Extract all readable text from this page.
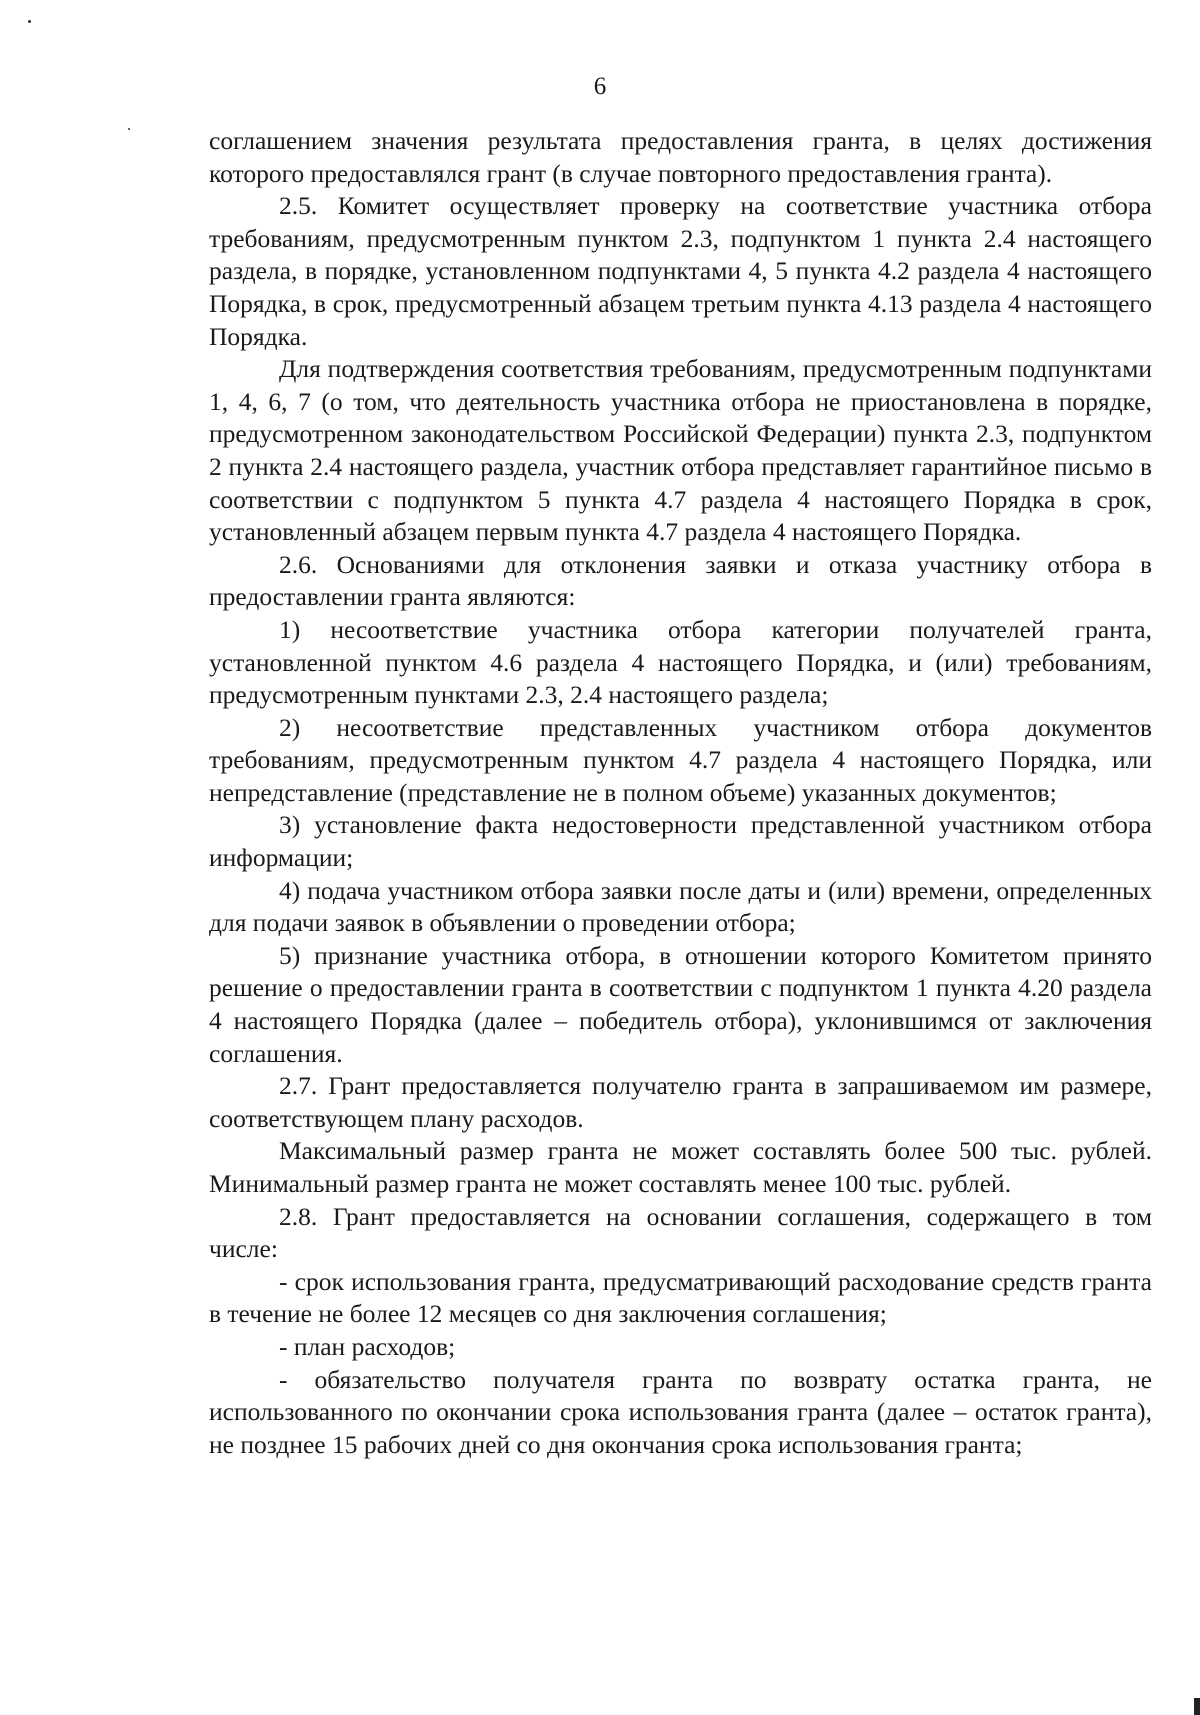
6

соглашением значения результата предоставления гранта, в целях достижения которого предоставлялся грант (в случае повторного предоставления гранта).

2.5. Комитет осуществляет проверку на соответствие участника отбора требованиям, предусмотренным пунктом 2.3, подпунктом 1 пункта 2.4 настоящего раздела, в порядке, установленном подпунктами 4, 5 пункта 4.2 раздела 4 настоящего Порядка, в срок, предусмотренный абзацем третьим пункта 4.13 раздела 4 настоящего Порядка.

Для подтверждения соответствия требованиям, предусмотренным подпунктами 1, 4, 6, 7 (о том, что деятельность участника отбора не приостановлена в порядке, предусмотренном законодательством Российской Федерации) пункта 2.3, подпунктом 2 пункта 2.4 настоящего раздела, участник отбора представляет гарантийное письмо в соответствии с подпунктом 5 пункта 4.7 раздела 4 настоящего Порядка в срок, установленный абзацем первым пункта 4.7 раздела 4 настоящего Порядка.

2.6. Основаниями для отклонения заявки и отказа участнику отбора в предоставлении гранта являются:

1) несоответствие участника отбора категории получателей гранта, установленной пунктом 4.6 раздела 4 настоящего Порядка, и (или) требованиям, предусмотренным пунктами 2.3, 2.4 настоящего раздела;

2) несоответствие представленных участником отбора документов требованиям, предусмотренным пунктом 4.7 раздела 4 настоящего Порядка, или непредставление (представление не в полном объеме) указанных документов;

3) установление факта недостоверности представленной участником отбора информации;

4) подача участником отбора заявки после даты и (или) времени, определенных для подачи заявок в объявлении о проведении отбора;

5) признание участника отбора, в отношении которого Комитетом принято решение о предоставлении гранта в соответствии с подпунктом 1 пункта 4.20 раздела 4 настоящего Порядка (далее – победитель отбора), уклонившимся от заключения соглашения.

2.7. Грант предоставляется получателю гранта в запрашиваемом им размере, соответствующем плану расходов.

Максимальный размер гранта не может составлять более 500 тыс. рублей. Минимальный размер гранта не может составлять менее 100 тыс. рублей.

2.8. Грант предоставляется на основании соглашения, содержащего в том числе:

- срок использования гранта, предусматривающий расходование средств гранта в течение не более 12 месяцев со дня заключения соглашения;

- план расходов;

- обязательство получателя гранта по возврату остатка гранта, не использованного по окончании срока использования гранта (далее – остаток гранта), не позднее 15 рабочих дней со дня окончания срока использования гранта;
